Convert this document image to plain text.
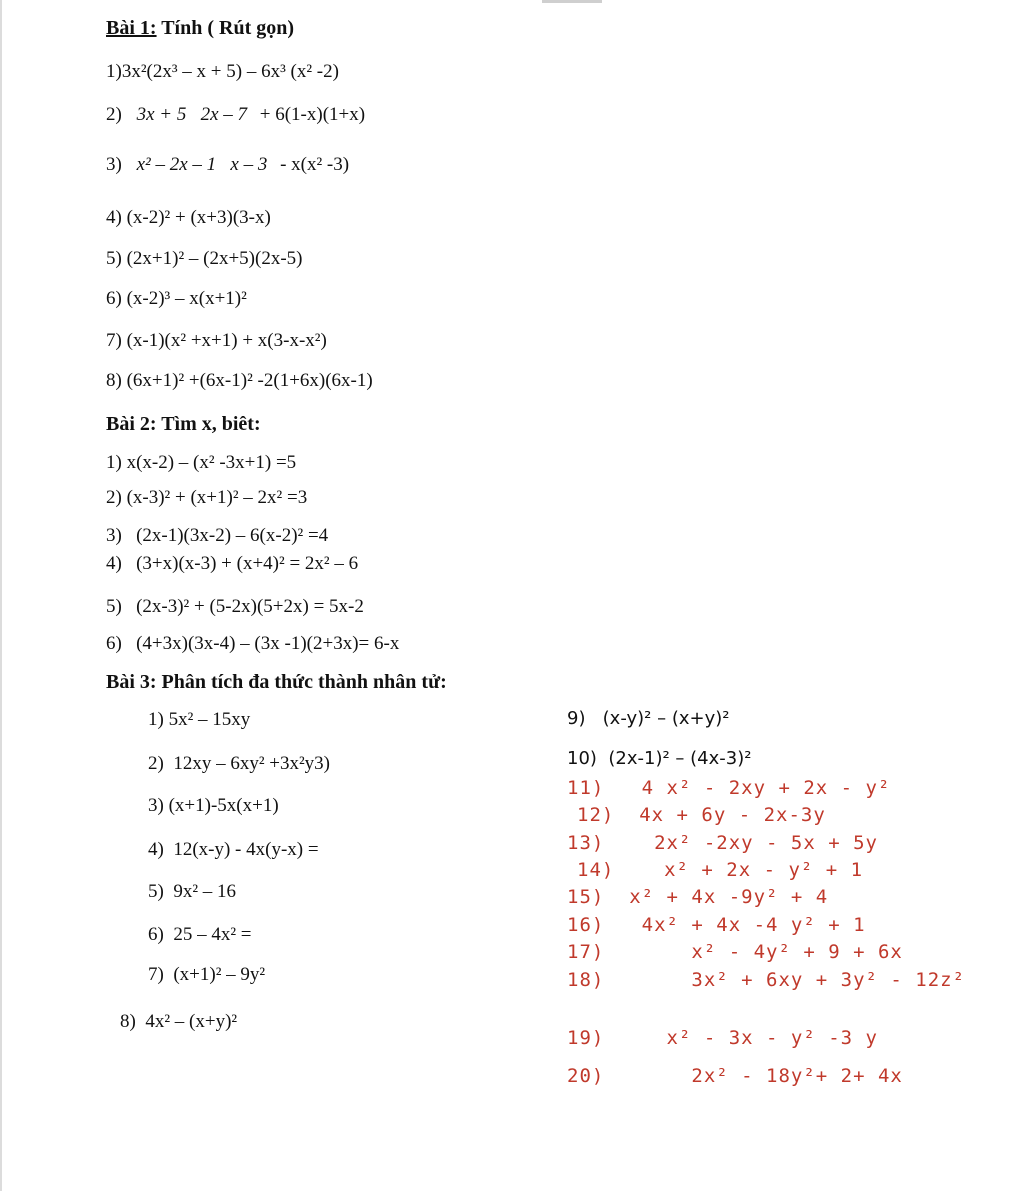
Bài 1: Tính ( Rút gọn)
1)3x²(2x³ – x + 5) – 6x³ (x² -2)
2) 3x + 5   2x – 7 + 6(1-x)(1+x)
3) x² – 2x – 1   x – 3 - x(x² -3)
4) (x-2)² + (x+3)(3-x)
5) (2x+1)² – (2x+5)(2x-5)
6) (x-2)³ – x(x+1)²
7) (x-1)(x² +x+1) + x(3-x-x²)
8) (6x+1)² +(6x-1)² -2(1+6x)(6x-1)
Bài 2: Tìm x, biêt:
1) x(x-2) – (x² -3x+1) =5
2) (x-3)² + (x+1)² – 2x² =3
3)   (2x-1)(3x-2) – 6(x-2)² =4
4)   (3+x)(x-3) + (x+4)² = 2x² – 6
5)   (2x-3)² + (5-2x)(5+2x) = 5x-2
6)   (4+3x)(3x-4) – (3x -1)(2+3x)= 6-x
Bài 3: Phân tích đa thức thành nhân tử:
1) 5x² – 15xy
2)  12xy – 6xy² +3x²y3)
3) (x+1)-5x(x+1)
4)  12(x-y) - 4x(y-x) =
5)  9x² – 16
6)  25 – 4x² =
7)  (x+1)² – 9y²
8)  4x² – (x+y)²
9)   (x-y)² – (x+y)²
10)  (2x-1)² – (4x-3)²
11)   4 x² - 2xy + 2x - y²
12)  4x + 6y - 2x-3y
13)    2x² -2xy - 5x + 5y
14)    x² + 2x - y² + 1
15)  x² + 4x -9y² + 4
16)   4x² + 4x -4 y² + 1
17)       x² - 4y² + 9 + 6x
18)       3x² + 6xy + 3y² - 12z²
19)     x² - 3x - y² -3 y
20)       2x² - 18y²+ 2+ 4x
